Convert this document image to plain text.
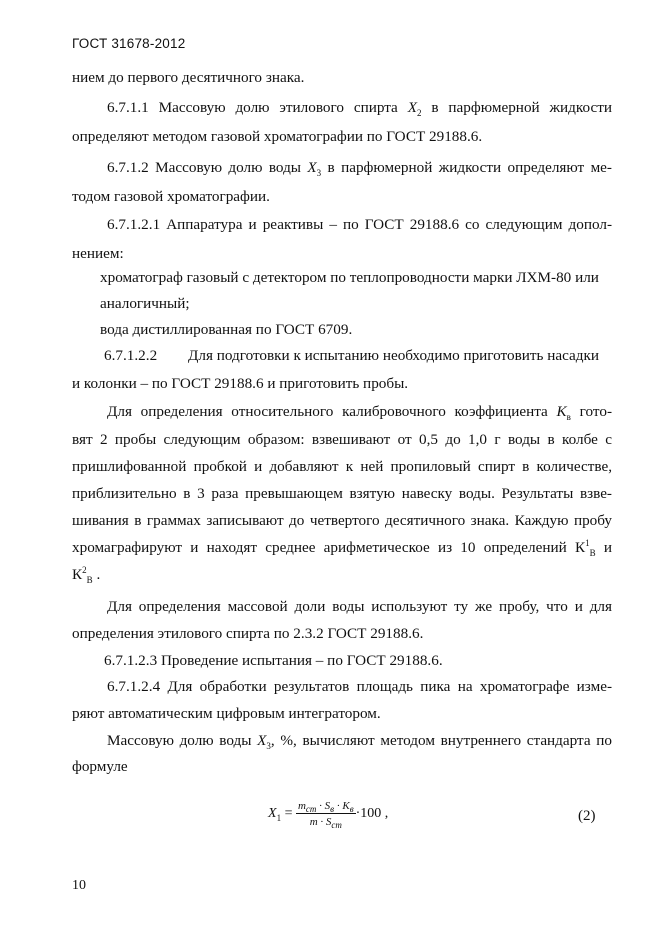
ГОСТ 31678-2012
нием до первого десятичного знака.
6.7.1.1 Массовую долю этилового спирта $X_2$ в парфюмерной жидкости
определяют методом газовой хроматографии по ГОСТ 29188.6.
6.7.1.2 Массовую долю воды $X_3$ в парфюмерной жидкости определяют ме-
тодом газовой хроматографии.
6.7.1.2.1 Аппаратура и реактивы – по ГОСТ 29188.6 со следующим допол-
нением:
хроматограф газовый с детектором по теплопроводности марки ЛХМ-80 или
аналогичный;
вода дистиллированная по ГОСТ 6709.
6.7.1.2.2 Для подготовки к испытанию необходимо приготовить насадки
и колонки – по ГОСТ 29188.6 и приготовить пробы.
Для определения относительного калибровочного коэффициента $K_в$ гото-
вят 2 пробы следующим образом: взвешивают от 0,5 до 1,0 г воды в колбе с
пришлифованной пробкой и добавляют к ней пропиловый спирт в количестве,
приблизительно в 3 раза превышающем взятую навеску воды. Результаты взве-
шивания в граммах записывают до четвертого десятичного знака. Каждую пробу
хромаграфируют и находят среднее арифметическое из 10 определений $К^1_В$ и
$К^2_В$ .
Для определения массовой доли воды используют ту же пробу, что и для
определения этилового спирта по 2.3.2 ГОСТ 29188.6.
6.7.1.2.3 Проведение испытания – по ГОСТ 29188.6.
6.7.1.2.4 Для обработки результатов площадь пика на хроматографе изме-
ряют автоматическим цифровым интегратором.
Массовую долю воды $X_3$, %, вычисляют методом внутреннего стандарта по
формуле
$X_1 = \frac{m_{ст} \cdot S_в \cdot K_в}{m \cdot S_{ст}} \cdot 100$ ,	(2)
10
